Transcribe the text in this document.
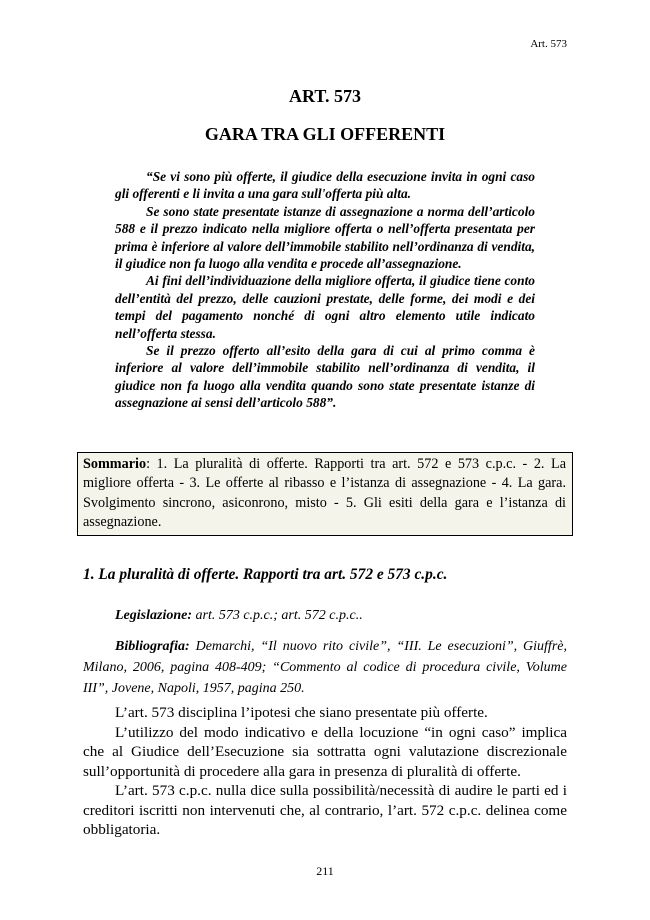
Art. 573
ART. 573
GARA TRA GLI OFFERENTI

“Se vi sono più offerte, il giudice della esecuzione invita in ogni caso gli offerenti e li invita a una gara sull'offerta più alta.

Se sono state presentate istanze di assegnazione a norma dell’articolo 588 e il prezzo indicato nella migliore offerta o nell’offerta presentata per prima è inferiore al valore dell’immobile stabilito nell’ordinanza di vendita, il giudice non fa luogo alla vendita e procede all’assegnazione.

Ai fini dell’individuazione della migliore offerta, il giudice tiene conto dell’entità del prezzo, delle cauzioni prestate, delle forme, dei modi e dei tempi del pagamento nonché di ogni altro elemento utile indicato nell’offerta stessa.

Se il prezzo offerto all’esito della gara di cui al primo comma è inferiore al valore dell’immobile stabilito nell’ordinanza di vendita, il giudice non fa luogo alla vendita quando sono state presentate istanze di assegnazione ai sensi dell’articolo 588”.

Sommario: 1. La pluralità di offerte. Rapporti tra art. 572 e 573 c.p.c. - 2. La migliore offerta - 3. Le offerte al ribasso e l’istanza di assegnazione - 4. La gara. Svolgimento sincrono, asiconrono, misto - 5. Gli esiti della gara e l’istanza di assegnazione.
1. La pluralità di offerte. Rapporti tra art. 572 e 573 c.p.c.
Legislazione: art. 573 c.p.c.; art. 572 c.p.c..

Bibliografia: Demarchi, “Il nuovo rito civile”, “III. Le esecuzioni”, Giuffrè, Milano, 2006, pagina 408-409; “Commento al codice di procedura civile, Volume III”, Jovene, Napoli, 1957, pagina 250.

L’art. 573 disciplina l’ipotesi che siano presentate più offerte.

L’utilizzo del modo indicativo e della locuzione “in ogni caso” implica che al Giudice dell’Esecuzione sia sottratta ogni valutazione discrezionale sull’opportunità di procedere alla gara in presenza di pluralità di offerte.

L’art. 573 c.p.c. nulla dice sulla possibilità/necessità di audire le parti ed i creditori iscritti non intervenuti che, al contrario, l’art. 572 c.p.c. delinea come obbligatoria.

211
